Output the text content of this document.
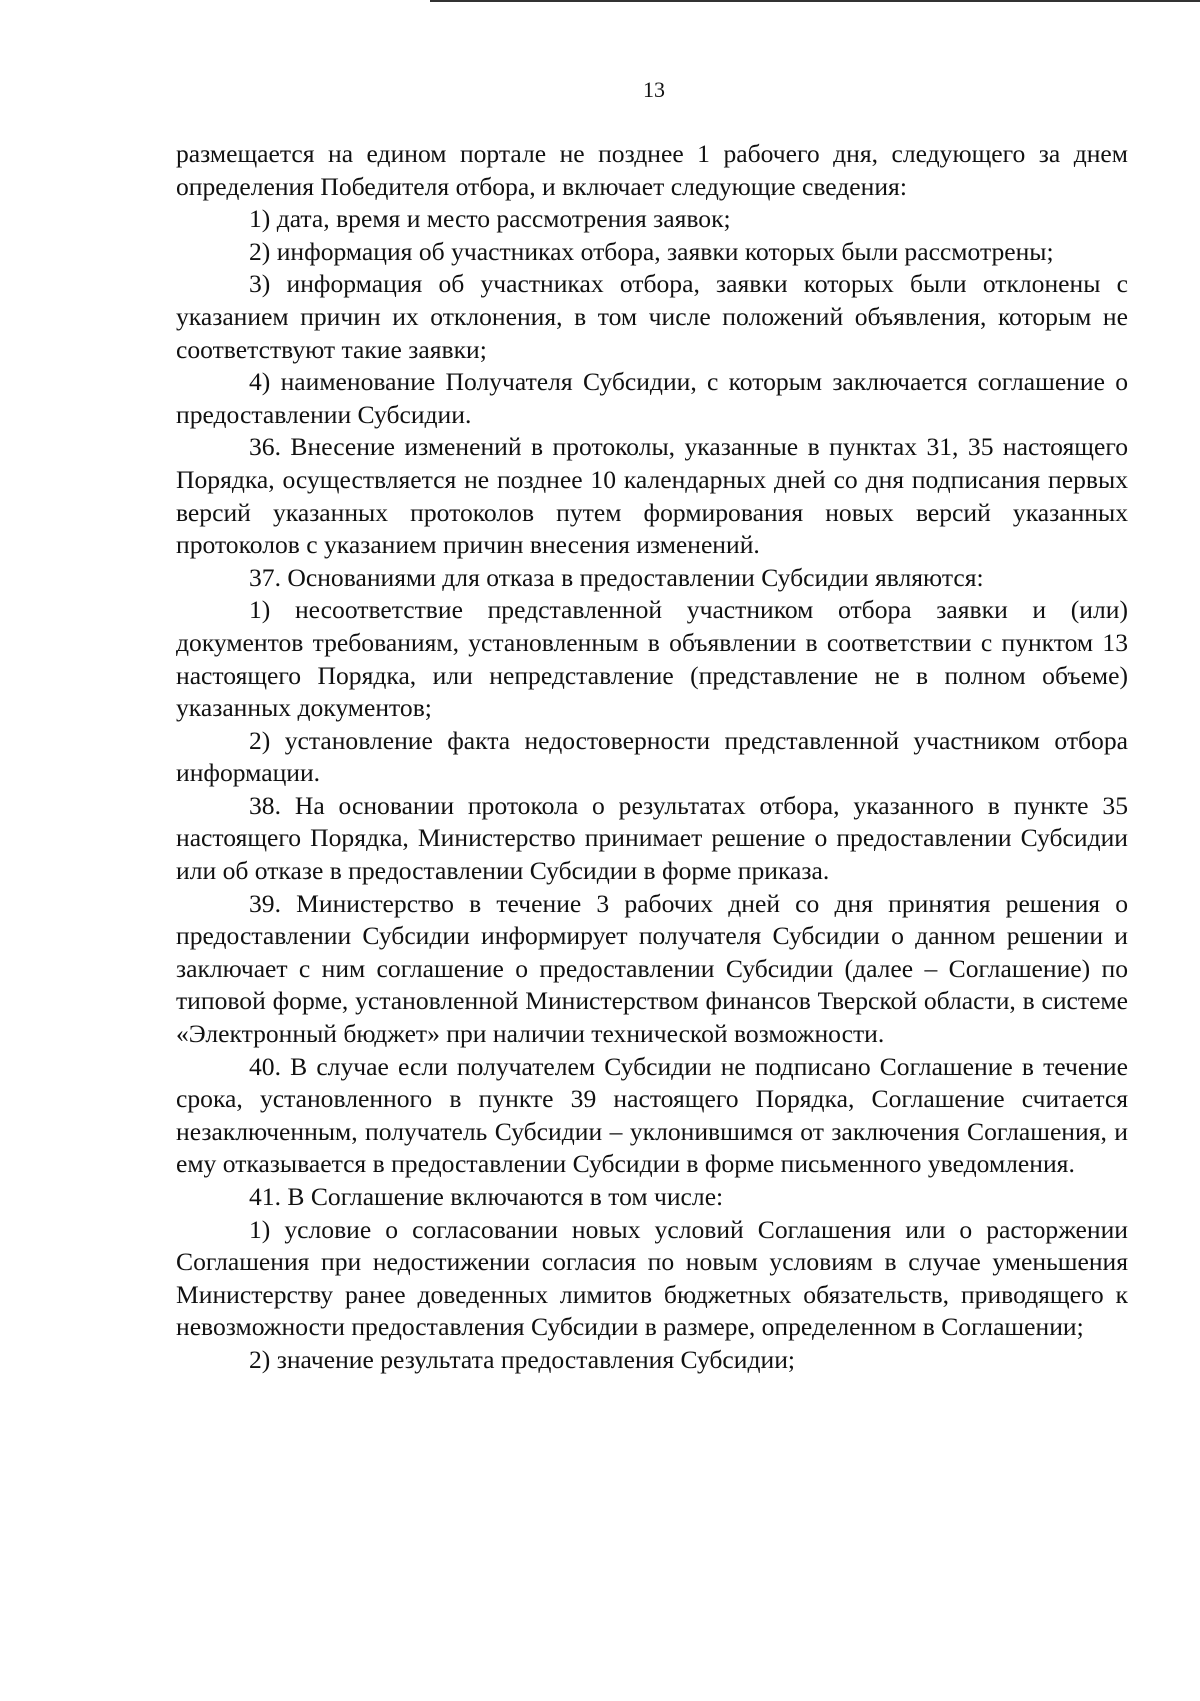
13

размещается на едином портале не позднее 1 рабочего дня, следующего за днем определения Победителя отбора, и включает следующие сведения:

1) дата, время и место рассмотрения заявок;

2) информация об участниках отбора, заявки которых были рассмотрены;

3) информация об участниках отбора, заявки которых были отклонены с указанием причин их отклонения, в том числе положений объявления, которым не соответствуют такие заявки;

4) наименование Получателя Субсидии, с которым заключается соглашение о предоставлении Субсидии.

36. Внесение изменений в протоколы, указанные в пунктах 31, 35 настоящего Порядка, осуществляется не позднее 10 календарных дней со дня подписания первых версий указанных протоколов путем формирования новых версий указанных протоколов с указанием причин внесения изменений.

37. Основаниями для отказа в предоставлении Субсидии являются:

1) несоответствие представленной участником отбора заявки и (или) документов требованиям, установленным в объявлении в соответствии с пунктом 13 настоящего Порядка, или непредставление (представление не в полном объеме) указанных документов;

2) установление факта недостоверности представленной участником отбора информации.

38. На основании протокола о результатах отбора, указанного в пункте 35 настоящего Порядка, Министерство принимает решение о предоставлении Субсидии или об отказе в предоставлении Субсидии в форме приказа.

39. Министерство в течение 3 рабочих дней со дня принятия решения о предоставлении Субсидии информирует получателя Субсидии о данном решении и заключает с ним соглашение о предоставлении Субсидии (далее – Соглашение) по типовой форме, установленной Министерством финансов Тверской области, в системе «Электронный бюджет» при наличии технической возможности.

40. В случае если получателем Субсидии не подписано Соглашение в течение срока, установленного в пункте 39 настоящего Порядка, Соглашение считается незаключенным, получатель Субсидии – уклонившимся от заключения Соглашения, и ему отказывается в предоставлении Субсидии в форме письменного уведомления.

41. В Соглашение включаются в том числе:

1) условие о согласовании новых условий Соглашения или о расторжении Соглашения при недостижении согласия по новым условиям в случае уменьшения Министерству ранее доведенных лимитов бюджетных обязательств, приводящего к невозможности предоставления Субсидии в размере, определенном в Соглашении;

2) значение результата предоставления Субсидии;
